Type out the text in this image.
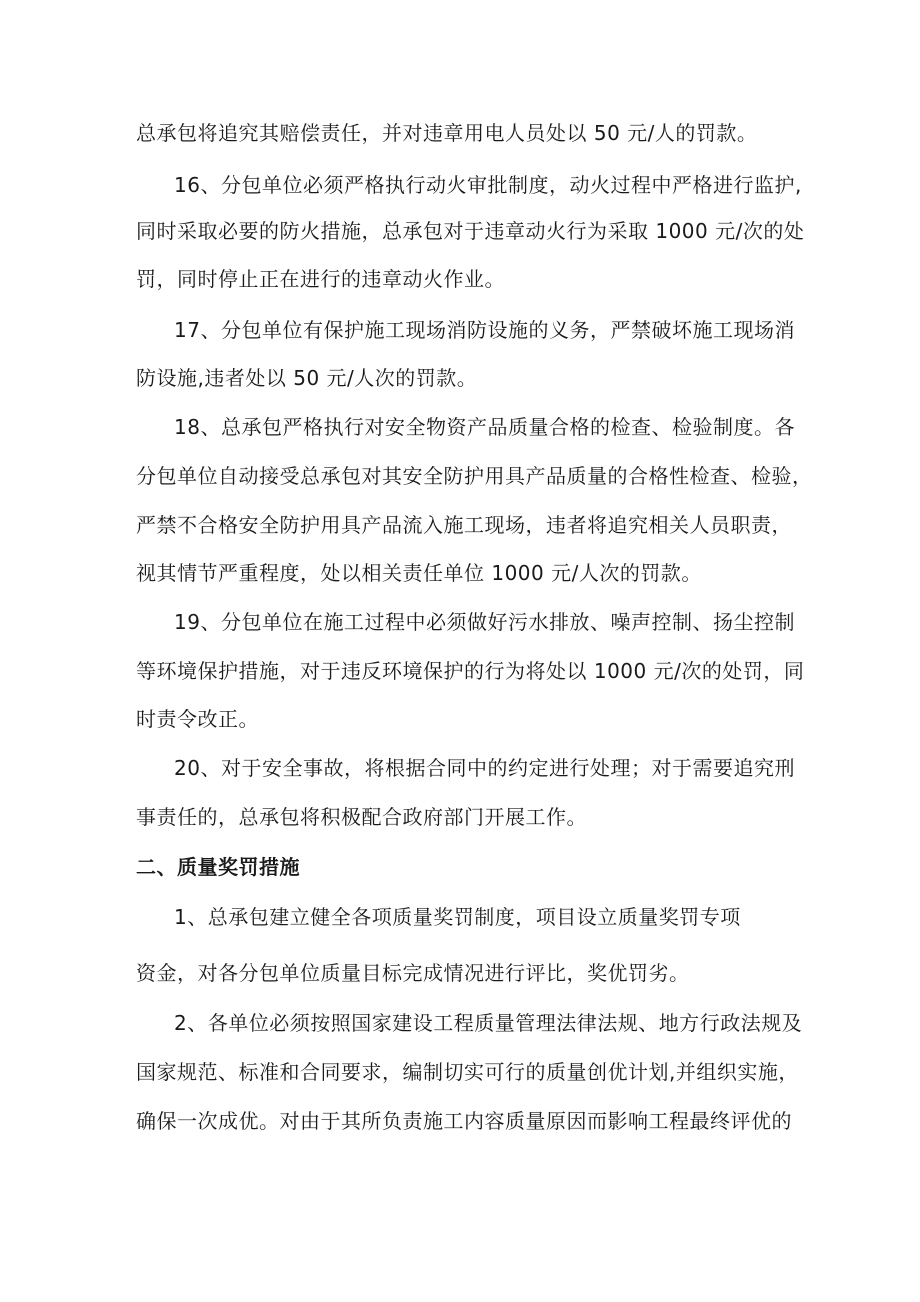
总承包将追究其赔偿责任，并对违章用电人员处以 50 元/人的罚款。
16、分包单位必须严格执行动火审批制度，动火过程中严格进行监护,
同时采取必要的防火措施，总承包对于违章动火行为采取 1000 元/次的处
罚，同时停止正在进行的违章动火作业。
17、分包单位有保护施工现场消防设施的义务，严禁破坏施工现场消
防设施,违者处以 50 元/人次的罚款。
18、总承包严格执行对安全物资产品质量合格的检查、检验制度。各
分包单位自动接受总承包对其安全防护用具产品质量的合格性检查、检验，
严禁不合格安全防护用具产品流入施工现场，违者将追究相关人员职责，
视其情节严重程度，处以相关责任单位 1000 元/人次的罚款。
19、分包单位在施工过程中必须做好污水排放、噪声控制、扬尘控制
等环境保护措施，对于违反环境保护的行为将处以 1000 元/次的处罚，同
时责令改正。
20、对于安全事故，将根据合同中的约定进行处理；对于需要追究刑
事责任的，总承包将积极配合政府部门开展工作。
二、质量奖罚措施
1、总承包建立健全各项质量奖罚制度，项目设立质量奖罚专项
资金，对各分包单位质量目标完成情况进行评比，奖优罚劣。
2、各单位必须按照国家建设工程质量管理法律法规、地方行政法规及
国家规范、标准和合同要求，编制切实可行的质量创优计划,并组织实施，
确保一次成优。对由于其所负责施工内容质量原因而影响工程最终评优的
